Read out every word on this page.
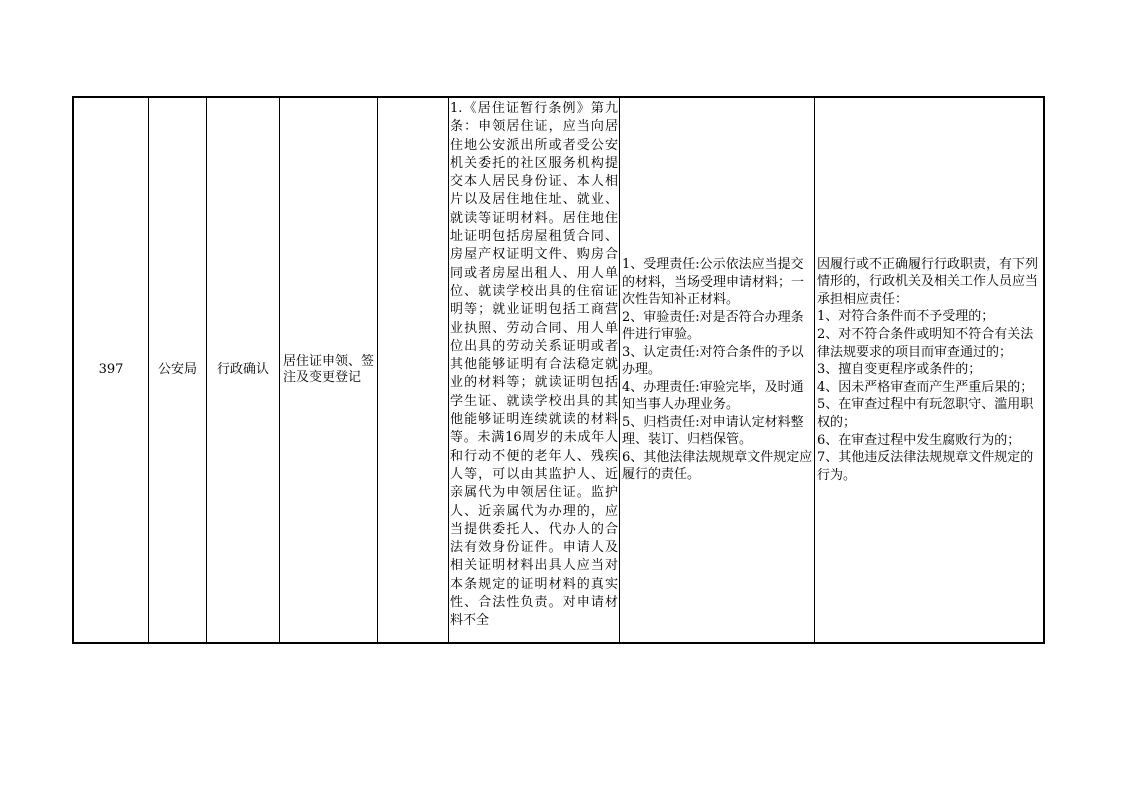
397	公安局	行政确认	
居住证申领、签注及变更登记

1.《居住证暂行条例》第九条：申领居住证，应当向居住地公安派出所或者受公安机关委托的社区服务机构提交本人居民身份证、本人相片以及居住地住址、就业、就读等证明材料。居住地住址证明包括房屋租赁合同、房屋产权证明文件、购房合同或者房屋出租人、用人单位、就读学校出具的住宿证明等；就业证明包括工商营业执照、劳动合同、用人单位出具的劳动关系证明或者其他能够证明有合法稳定就业的材料等；就读证明包括学生证、就读学校出具的其他能够证明连续就读的材料等。未满16周岁的未成年人和行动不便的老年人、残疾人等，可以由其监护人、近亲属代为申领居住证。监护人、近亲属代为办理的，应当提供委托人、代办人的合法有效身份证件。申请人及相关证明材料出具人应当对本条规定的证明材料的真实性、合法性负责。对申请材料不全

1、受理责任:公示依法应当提交的材料，当场受理申请材料；一次性告知补正材料。
2、审验责任:对是否符合办理条件进行审验。
3、认定责任:对符合条件的予以办理。
4、办理责任:审验完毕，及时通知当事人办理业务。
5、归档责任:对申请认定材料整理、装订、归档保管。
6、其他法律法规规章文件规定应履行的责任。

因履行或不正确履行行政职责，有下列情形的，行政机关及相关工作人员应当承担相应责任：
1、对符合条件而不予受理的；
2、对不符合条件或明知不符合有关法律法规要求的项目而审查通过的；
3、擅自变更程序或条件的；
4、因未严格审查而产生严重后果的；
5、在审查过程中有玩忽职守、滥用职权的；
6、在审查过程中发生腐败行为的；
7、其他违反法律法规规章文件规定的行为。
